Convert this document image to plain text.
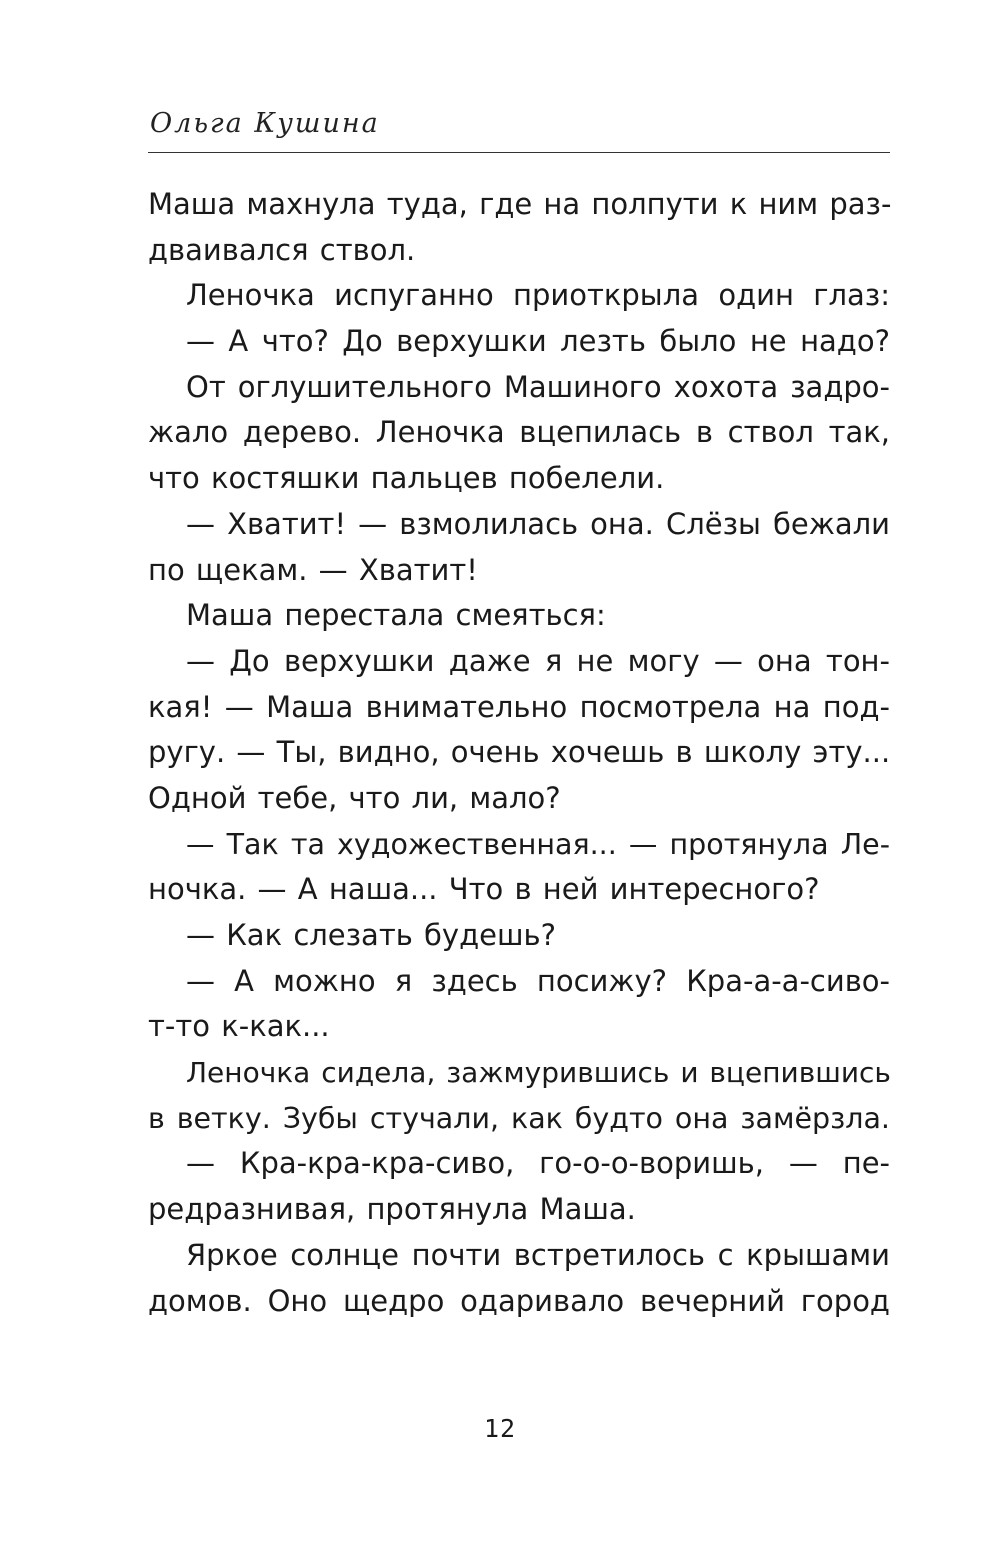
Ольга Кушина
Маша махнула туда, где на полпути к ним раз-
дваивался ствол.
Леночка испуганно приоткрыла один глаз:
— А что? До верхушки лезть было не надо?
От оглушительного Машиного хохота задро-
жало дерево. Леночка вцепилась в ствол так,
что костяшки пальцев побелели.
— Хватит! — взмолилась она. Слёзы бежали
по щекам. — Хватит!
Маша перестала смеяться:
— До верхушки даже я не могу — она тон-
кая! — Маша внимательно посмотрела на под-
ругу. — Ты, видно, очень хочешь в школу эту...
Одной тебе, что ли, мало?
— Так та художественная... — протянула Ле-
ночка. — А наша... Что в ней интересного?
— Как слезать будешь?
— А можно я здесь посижу? Кра-а-а-сиво-
т-то к-как...
Леночка сидела, зажмурившись и вцепившись
в ветку. Зубы стучали, как будто она замёрзла.
— Кра-кра-кра-сиво, го-о-о-воришь, — пе-
редразнивая, протянула Маша.
Яркое солнце почти встретилось с крышами
домов. Оно щедро одаривало вечерний город
12
